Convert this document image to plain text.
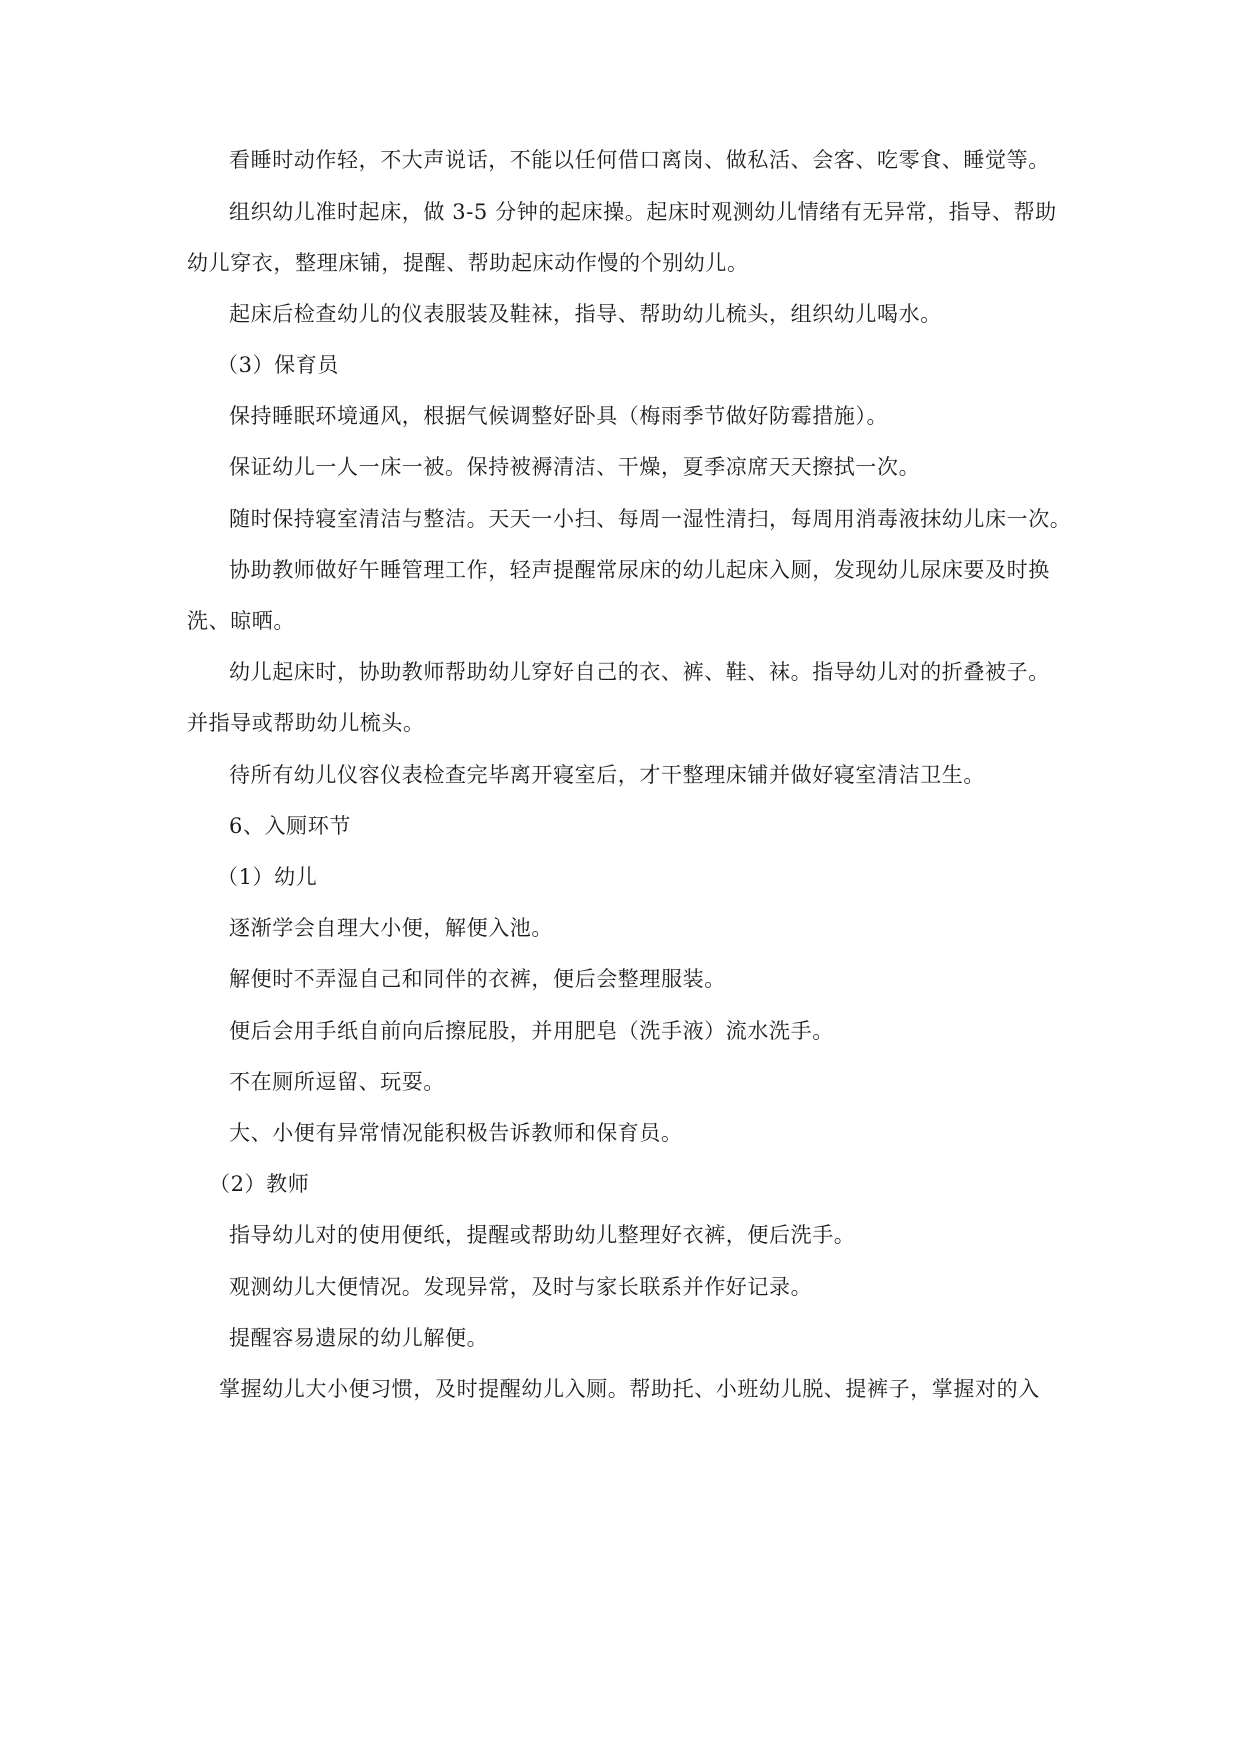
看睡时动作轻，不大声说话，不能以任何借口离岗、做私活、会客、吃零食、睡觉等。
组织幼儿准时起床，做 3-5 分钟的起床操。起床时观测幼儿情绪有无异常，指导、帮助
幼儿穿衣，整理床铺，提醒、帮助起床动作慢的个别幼儿。
起床后检查幼儿的仪表服装及鞋袜，指导、帮助幼儿梳头，组织幼儿喝水。
（3）保育员
保持睡眠环境通风，根据气候调整好卧具（梅雨季节做好防霉措施）。
保证幼儿一人一床一被。保持被褥清洁、干燥，夏季凉席天天擦拭一次。
随时保持寝室清洁与整洁。天天一小扫、每周一湿性清扫，每周用消毒液抹幼儿床一次。
协助教师做好午睡管理工作，轻声提醒常尿床的幼儿起床入厕，发现幼儿尿床要及时换
洗、晾晒。
幼儿起床时，协助教师帮助幼儿穿好自己的衣、裤、鞋、袜。指导幼儿对的折叠被子。
并指导或帮助幼儿梳头。
待所有幼儿仪容仪表检查完毕离开寝室后，才干整理床铺并做好寝室清洁卫生。
6、入厕环节
（1）幼儿
逐渐学会自理大小便，解便入池。
解便时不弄湿自己和同伴的衣裤，便后会整理服装。
便后会用手纸自前向后擦屁股，并用肥皂（洗手液）流水洗手。
不在厕所逗留、玩耍。
大、小便有异常情况能积极告诉教师和保育员。
（2）教师
指导幼儿对的使用便纸，提醒或帮助幼儿整理好衣裤，便后洗手。
观测幼儿大便情况。发现异常，及时与家长联系并作好记录。
提醒容易遗尿的幼儿解便。
掌握幼儿大小便习惯，及时提醒幼儿入厕。帮助托、小班幼儿脱、提裤子，掌握对的入
